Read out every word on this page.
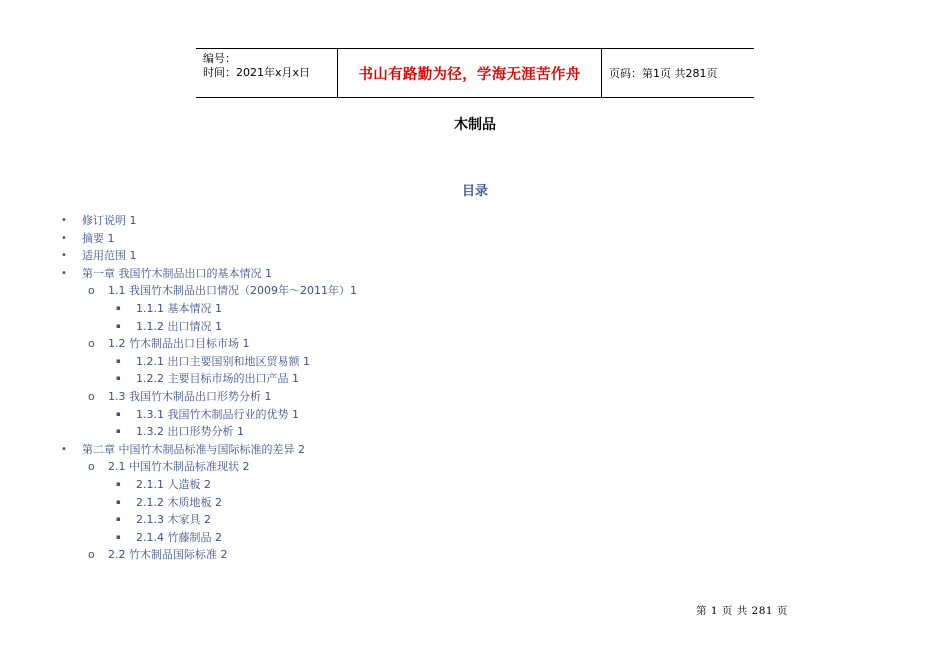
编号：
时间：2021年x月x日	书山有路勤为径，学海无涯苦作舟	页码：第1页 共281页
木制品
目录
• 修订说明 1
• 摘要 1
• 适用范围 1
• 第一章 我国竹木制品出口的基本情况 1
o 1.1 我国竹木制品出口情况（2009年～2011年）1
▪ 1.1.1 基本情况 1
▪ 1.1.2 出口情况 1
o 1.2 竹木制品出口目标市场 1
▪ 1.2.1 出口主要国别和地区贸易额 1
▪ 1.2.2 主要目标市场的出口产品 1
o 1.3 我国竹木制品出口形势分析 1
▪ 1.3.1 我国竹木制品行业的优势 1
▪ 1.3.2 出口形势分析 1
• 第二章 中国竹木制品标准与国际标准的差异 2
o 2.1 中国竹木制品标准现状 2
▪ 2.1.1 人造板 2
▪ 2.1.2 木质地板 2
▪ 2.1.3 木家具 2
▪ 2.1.4 竹藤制品 2
o 2.2 竹木制品国际标准 2
第 1 页 共 281 页
